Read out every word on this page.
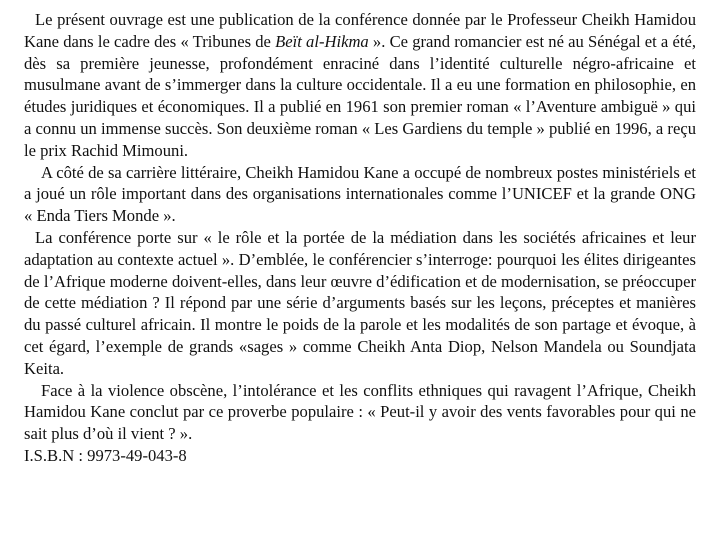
Le présent ouvrage est une publication de la conférence donnée par le Professeur Cheikh Hamidou Kane dans le cadre des « Tribunes de Beït al-Hikma ». Ce grand romancier est né au Sénégal et a été, dès sa première jeunesse, profondément enraciné dans l’identité culturelle négro-africaine et musulmane avant de s’immerger dans la culture occidentale. Il a eu une formation en philosophie, en études juridiques et économiques. Il a publié en 1961 son premier roman « l’Aventure ambiguë » qui a connu un immense succès. Son deuxième roman « Les Gardiens du temple » publié en 1996, a reçu le prix Rachid Mimouni.

A côté de sa carrière littéraire, Cheikh Hamidou Kane a occupé de nombreux postes ministériels et a joué un rôle important dans des organisations internationales comme l’UNICEF et la grande ONG « Enda Tiers Monde ».

La conférence porte sur « le rôle et la portée de la médiation dans les sociétés africaines et leur adaptation au contexte actuel ». D’emblée, le conférencier s’interroge: pourquoi les élites dirigeantes de l’Afrique moderne doivent-elles, dans leur œuvre d’édification et de modernisation, se préoccuper de cette médiation ? Il répond par une série d’arguments basés sur les leçons, préceptes et manières du passé culturel africain. Il montre le poids de la parole et les modalités de son partage et évoque, à cet égard, l’exemple de grands «sages » comme Cheikh Anta Diop, Nelson Mandela ou Soundjata Keita.

Face à la violence obscène, l’intolérance et les conflits ethniques qui ravagent l’Afrique, Cheikh Hamidou Kane conclut par ce proverbe populaire : « Peut-il y avoir des vents favorables pour qui ne sait plus d’où il vient ? ».

I.S.B.N : 9973-49-043-8
